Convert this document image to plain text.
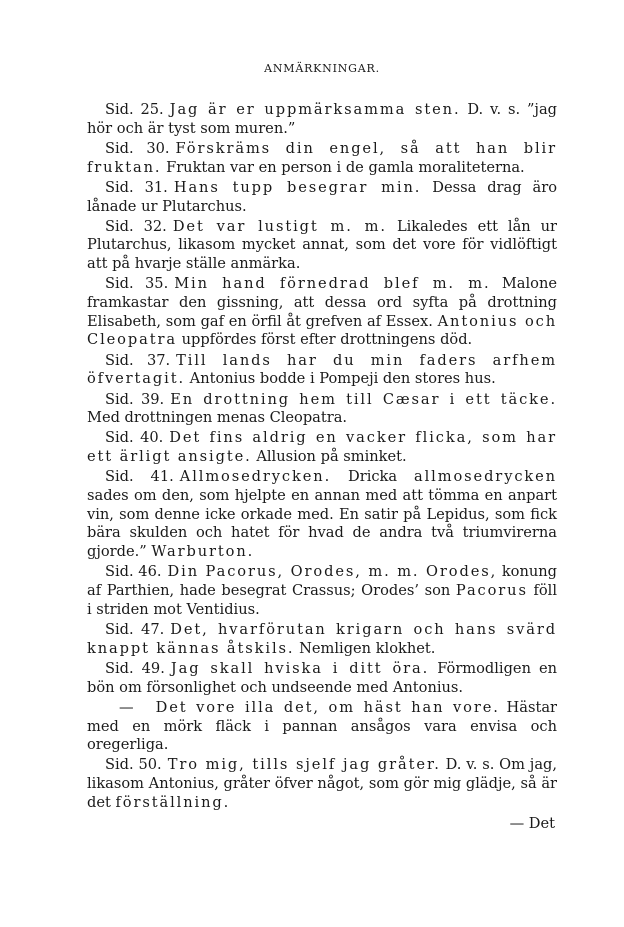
ANMÄRKNINGAR.

Sid. 25. Jag är er uppmärksamma sten. D. v. s. ”jag hör och är tyst som muren.”

Sid. 30. Förskräms din engel, så att han blir fruktan. Fruktan var en person i de gamla moraliteterna.

Sid. 31. Hans tupp besegrar min. Dessa drag äro lånade ur Plutarchus.

Sid. 32. Det var lustigt m. m. Likaledes ett lån ur Plutarchus, likasom mycket annat, som det vore för vidlöftigt att på hvarje ställe anmärka.

Sid. 35. Min hand förnedrad blef m. m. Malone framkastar den gissning, att dessa ord syfta på drottning Elisabeth, som gaf en örfil åt grefven af Essex. Antonius och Cleopatra uppfördes först efter drottningens död.

Sid. 37. Till lands har du min faders arfhem öfvertagit. Antonius bodde i Pompeji den stores hus.

Sid. 39. En drottning hem till Cæsar i ett täcke. Med drottningen menas Cleopatra.

Sid. 40. Det fins aldrig en vacker flicka, som har ett ärligt ansigte. Allusion på sminket.

Sid. 41. Allmosedrycken. Dricka allmosedrycken sades om den, som hjelpte en annan med att tömma en anpart vin, som denne icke orkade med. En satir på Lepidus, som fick bära skulden och hatet för hvad de andra två triumvirerna gjorde.” Warburton.

Sid. 46. Din Pacorus, Orodes, m. m. Orodes, konung af Parthien, hade besegrat Crassus; Orodes’ son Pacorus föll i striden mot Ventidius.

Sid. 47. Det, hvarförutan krigarn och hans svärd knappt kännas åtskils. Nemligen klokhet.

Sid. 49. Jag skall hviska i ditt öra. Förmodligen en bön om försonlighet och undseende med Antonius.

— Det vore illa det, om häst han vore. Hästar med en mörk fläck i pannan ansågos vara envisa och oregerliga.

Sid. 50. Tro mig, tills sjelf jag gråter. D. v. s. Om jag, likasom Antonius, gråter öfver något, som gör mig glädje, så är det förställning.

— Det
